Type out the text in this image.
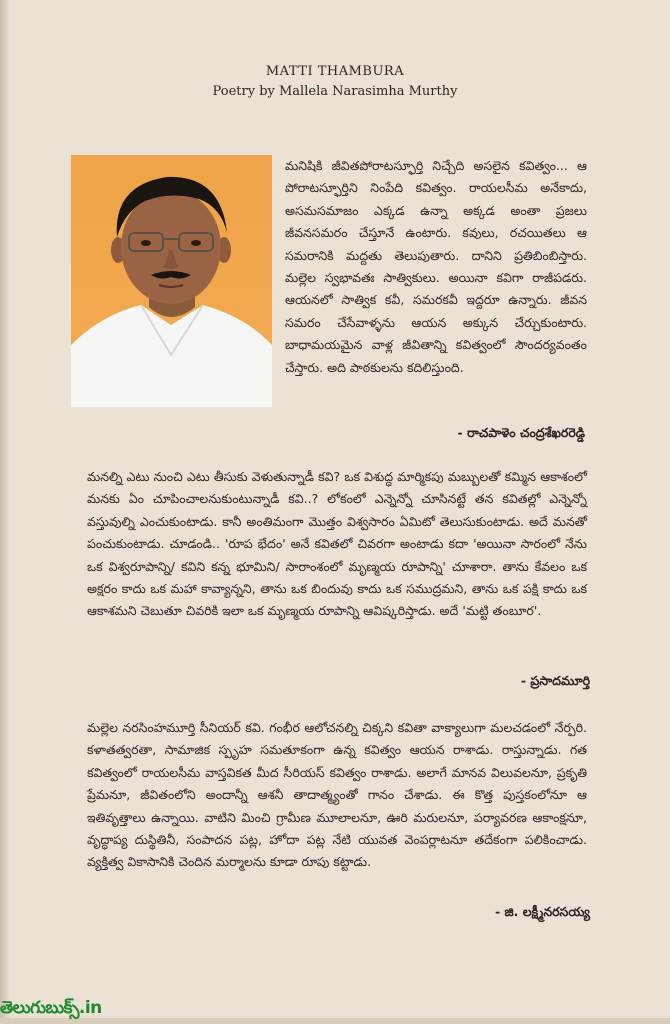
MATTI THAMBURA
Poetry by Mallela Narasimha Murthy
మనిషికి జీవితపోరాటస్ఫూర్తి నిచ్చేది అసలైన కవిత్వం... ఆ పోరాటస్ఫూర్తిని నింపేది కవిత్వం. రాయలసీమ అనేకాదు, అసమసమాజం ఎక్కడ ఉన్నా అక్కడ అంతా ప్రజలు జీవనసమరం చేస్తూనే ఉంటారు. కవులు, రచయితలు ఆ సమరానికి మద్దతు తెలుపుతారు. దానిని ప్రతిబింబిస్తారు. మల్లెల స్వభావతః సాత్వికులు. అయినా కవిగా రాజీపడరు. ఆయనలో సాత్విక కవీ, సమరకవీ ఇద్దరూ ఉన్నారు. జీవన సమరం చేసేవాళ్ళను ఆయన అక్కున చేర్చుకుంటారు. బాధామయమైన వాళ్ల జీవితాన్ని కవిత్వంలో సౌందర్యవంతం చేస్తారు. అది పాఠకులను కదిలిస్తుంది.
- రాచపాళెం చంద్రశేఖరరెడ్డి
మనల్ని ఎటు నుంచి ఎటు తీసుకు వెళుతున్నాడీ కవి? ఒక విశుద్ధ మార్మికపు మబ్బులతో కమ్మిన ఆకాశంలో మనకు ఏం చూపించాలనుకుంటున్నాడీ కవి..? లోకంలో ఎన్నెన్నో చూసినట్టే తన కవితల్లో ఎన్నెన్నో వస్తువుల్ని ఎంచుకుంటాడు. కానీ అంతిమంగా మొత్తం విశ్వసారం ఏమిటో తెలుసుకుంటాడు. అదే మనతో పంచుకుంటాడు. చూడండి.. 'రూప భేదం' అనే కవితలో చివరగా అంటాడు కదా 'అయినా సారంలో నేను ఒక విశ్వరూపాన్ని/ కవిని కన్న భూమిని/ సారాంశంలో మృణ్మయ రూపాన్ని' చూశారా. తాను కేవలం ఒక అక్షరం కాదు ఒక మహా కావ్యాన్నని, తాను ఒక బిందువు కాదు ఒక సముద్రమని, తాను ఒక పక్షి కాదు ఒక ఆకాశమని చెబుతూ చివరికి ఇలా ఒక మృణ్మయ రూపాన్ని ఆవిష్కరిస్తాడు. అదే 'మట్టి తంబూర'.
- ప్రసాదమూర్తి
మల్లెల నరసింహమూర్తి సీనియర్ కవి. గంభీర ఆలోచనల్ని చిక్కని కవితా వాక్యాలుగా మలచడంలో నేర్పరి. కళాతత్వరతా, సామాజిక స్పృహ సమతూకంగా ఉన్న కవిత్వం ఆయన రాశాడు. రాస్తున్నాడు. గత కవిత్వంలో రాయలసీమ వాస్తవికత మీద సీరియస్ కవిత్వం రాశాడు. అలాగే మానవ విలువలనూ, ప్రకృతి ప్రేమనూ, జీవితంలోని అందాన్నీ ఆశనీ తాదాత్మ్యంతో గానం చేశాడు. ఈ కొత్త పుస్తకంలోనూ ఆ ఇతివృత్తాలు ఉన్నాయి. వాటిని మించి గ్రామీణ మూలాలనూ, ఊరి మరులనూ, పర్యావరణ ఆకాంక్షనూ, వృద్ధాప్య దుస్థితినీ, సంపాదన పట్ల, హోదా పట్ల నేటి యువత వెంపర్లాటనూ తదేకంగా పలికించాడు. వ్యక్తిత్వ వికాసానికి చెందిన మర్మాలను కూడా రూపు కట్టాడు.
- జి. లక్ష్మీనరసయ్య
తెలుగుబుక్స్.in
